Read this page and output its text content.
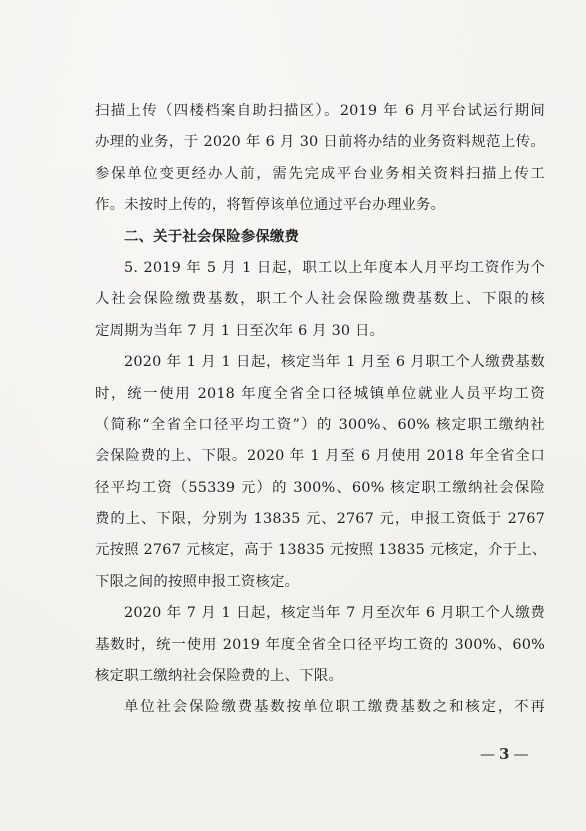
扫描上传（四楼档案自助扫描区）。2019 年 6 月平台试运行期间
办理的业务，于 2020 年 6 月 30 日前将办结的业务资料规范上传。
参保单位变更经办人前，需先完成平台业务相关资料扫描上传工
作。未按时上传的，将暂停该单位通过平台办理业务。
二、关于社会保险参保缴费
5. 2019 年 5 月 1 日起，职工以上年度本人月平均工资作为个
人社会保险缴费基数，职工个人社会保险缴费基数上、下限的核
定周期为当年 7 月 1 日至次年 6 月 30 日。
2020 年 1 月 1 日起，核定当年 1 月至 6 月职工个人缴费基数
时，统一使用 2018 年度全省全口径城镇单位就业人员平均工资
（简称“全省全口径平均工资”）的 300%、60% 核定职工缴纳社
会保险费的上、下限。2020 年 1 月至 6 月使用 2018 年全省全口
径平均工资（55339 元）的 300%、60% 核定职工缴纳社会保险
费的上、下限，分别为 13835 元、2767 元，申报工资低于 2767
元按照 2767 元核定，高于 13835 元按照 13835 元核定，介于上、
下限之间的按照申报工资核定。
2020 年 7 月 1 日起，核定当年 7 月至次年 6 月职工个人缴费
基数时，统一使用 2019 年度全省全口径平均工资的 300%、60%
核定职工缴纳社会保险费的上、下限。
单位社会保险缴费基数按单位职工缴费基数之和核定，不再
— 3 —
